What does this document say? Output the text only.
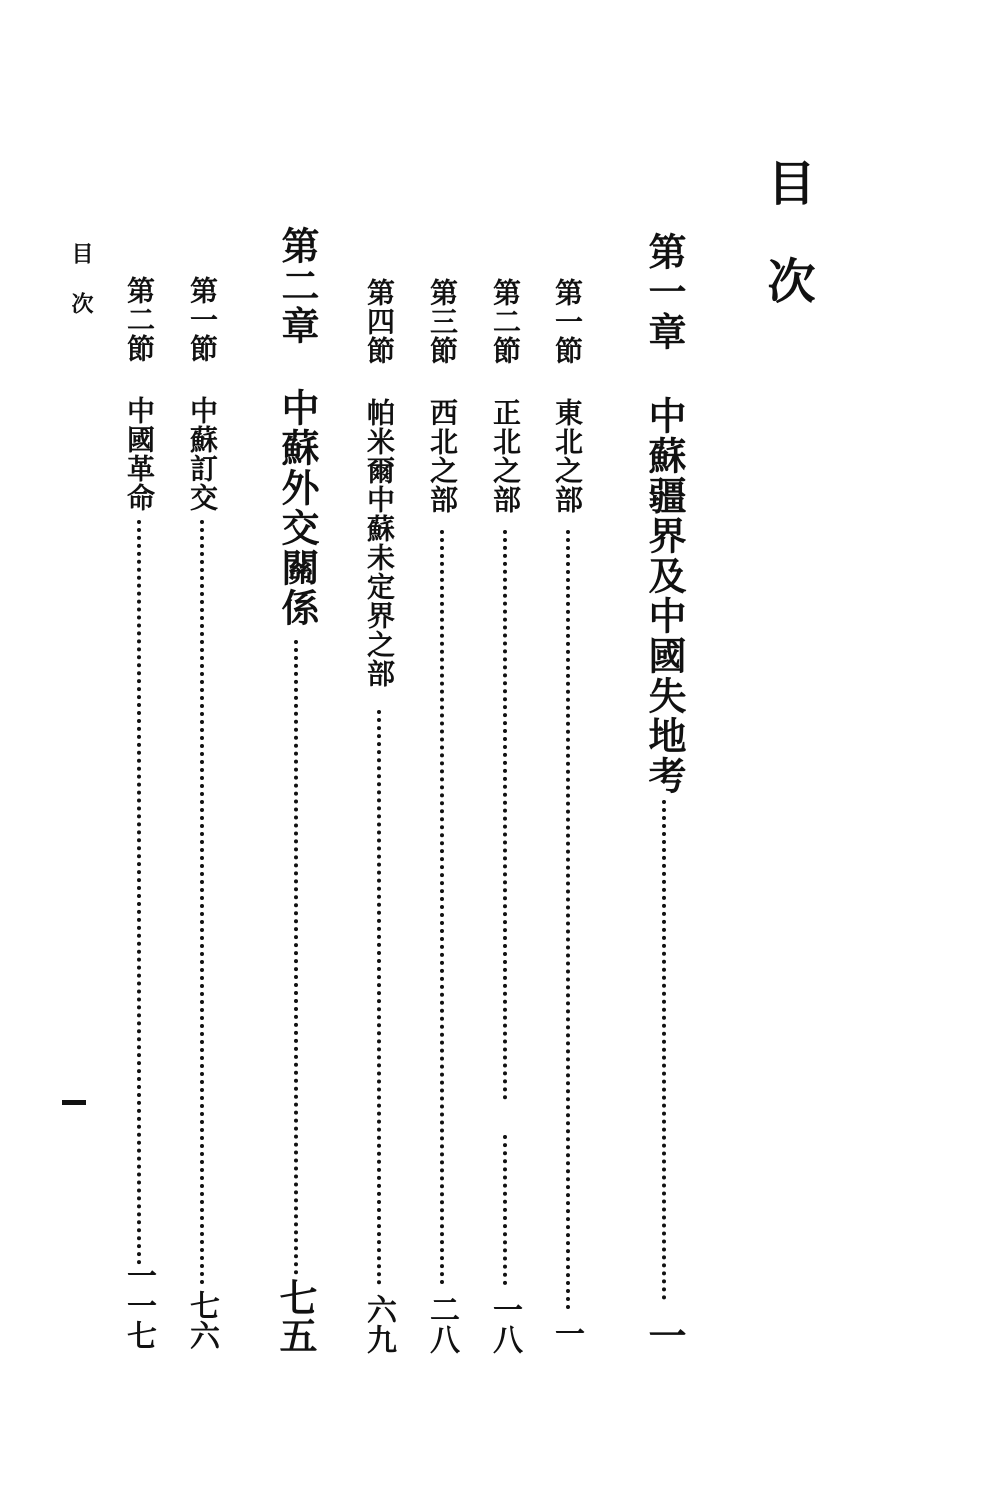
目次
第一章
中蘇疆界及中國失地考
一
第一節
東北之部
一
第二節
正北之部
一八
第三節
西北之部
二八
第四節
帕米爾中蘇未定界之部
六九
第二章
中蘇外交關係
七五
第一節
中蘇訂交
七六
第二節
中國革命
一一七
目次
